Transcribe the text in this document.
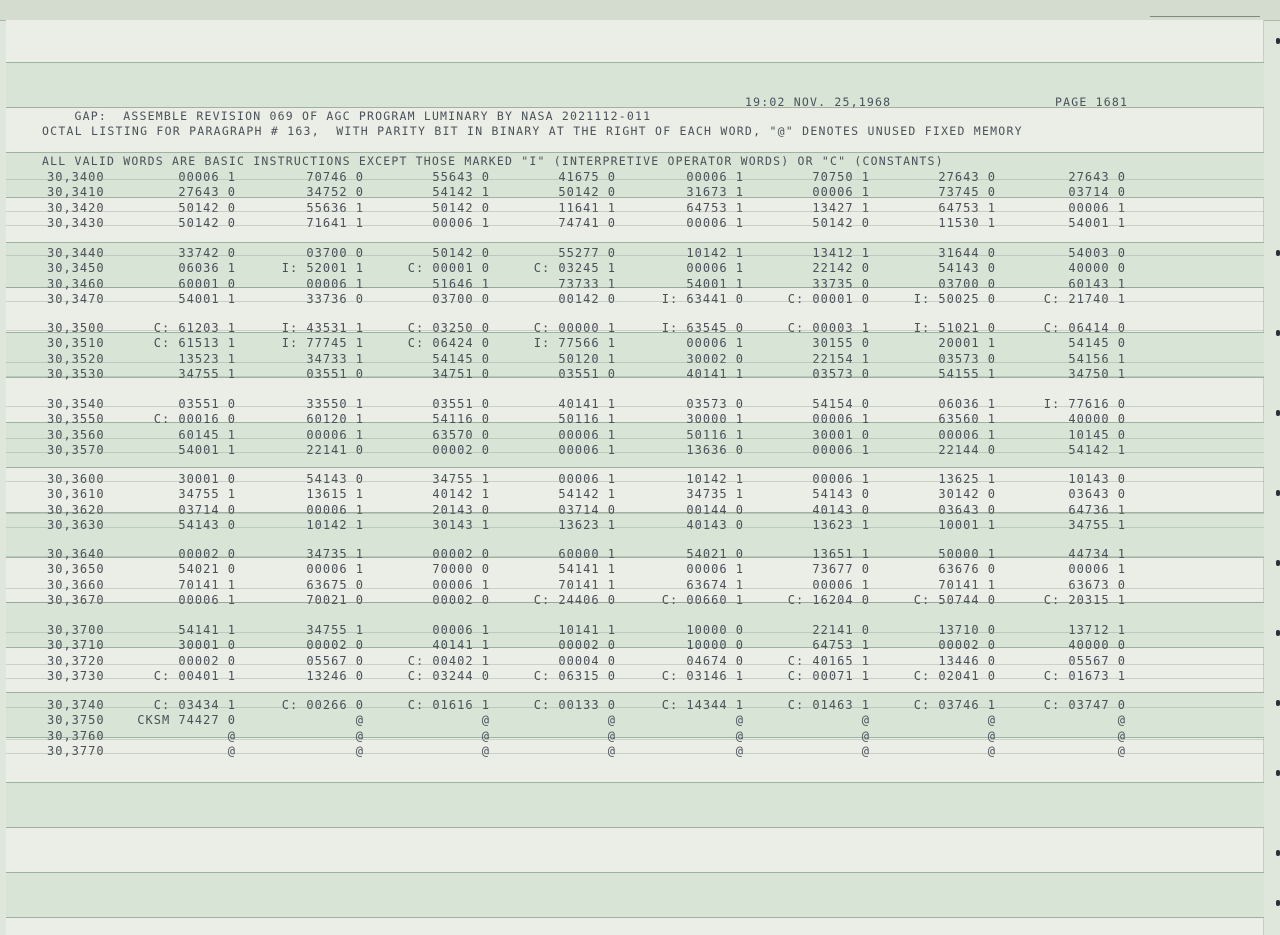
GAP:  ASSEMBLE REVISION 069 OF AGC PROGRAM LUMINARY BY NASA 2021112-011

19:02 NOV. 25,1968

	PAGE 1681

OCTAL LISTING FOR PARAGRAPH # 163,  WITH PARITY BIT IN BINARY AT THE RIGHT OF EACH WORD, "@" DENOTES UNUSED FIXED MEMORY
ALL VALID WORDS ARE BASIC INSTRUCTIONS EXCEPT THOSE MARKED "I" (INTERPRETIVE OPERATOR WORDS) OR "C" (CONSTANTS)
30,3400	00006 1	70746 0	55643 0	41675 0	00006 1	70750 1	27643 0	27643 0
30,3410	27643 0	34752 0	54142 1	50142 0	31673 1	00006 1	73745 0	03714 0
30,3420	50142 0	55636 1	50142 0	11641 1	64753 1	13427 1	64753 1	00006 1
30,3430	50142 0	71641 1	00006 1	74741 0	00006 1	50142 0	11530 1	54001 1
30,3440	33742 0	03700 0	50142 0	55277 0	10142 1	13412 1	31644 0	54003 0
30,3450	06036 1	I: 52001 1	C: 00001 0	C: 03245 1	00006 1	22142 0	54143 0	40000 0
30,3460	60001 0	00006 1	51646 1	73733 1	54001 1	33735 0	03700 0	60143 1
30,3470	54001 1	33736 0	03700 0	00142 0	I: 63441 0	C: 00001 0	I: 50025 0	C: 21740 1
30,3500	C: 61203 1	I: 43531 1	C: 03250 0	C: 00000 1	I: 63545 0	C: 00003 1	I: 51021 0	C: 06414 0
30,3510	C: 61513 1	I: 77745 1	C: 06424 0	I: 77566 1	00006 1	30155 0	20001 1	54145 0
30,3520	13523 1	34733 1	54145 0	50120 1	30002 0	22154 1	03573 0	54156 1
30,3530	34755 1	03551 0	34751 0	03551 0	40141 1	03573 0	54155 1	34750 1
30,3540	03551 0	33550 1	03551 0	40141 1	03573 0	54154 0	06036 1	I: 77616 0
30,3550	C: 00016 0	60120 1	54116 0	50116 1	30000 1	00006 1	63560 1	40000 0
30,3560	60145 1	00006 1	63570 0	00006 1	50116 1	30001 0	00006 1	10145 0
30,3570	54001 1	22141 0	00002 0	00006 1	13636 0	00006 1	22144 0	54142 1
30,3600	30001 0	54143 0	34755 1	00006 1	10142 1	00006 1	13625 1	10143 0
30,3610	34755 1	13615 1	40142 1	54142 1	34735 1	54143 0	30142 0	03643 0
30,3620	03714 0	00006 1	20143 0	03714 0	00144 0	40143 0	03643 0	64736 1
30,3630	54143 0	10142 1	30143 1	13623 1	40143 0	13623 1	10001 1	34755 1
30,3640	00002 0	34735 1	00002 0	60000 1	54021 0	13651 1	50000 1	44734 1
30,3650	54021 0	00006 1	70000 0	54141 1	00006 1	73677 0	63676 0	00006 1
30,3660	70141 1	63675 0	00006 1	70141 1	63674 1	00006 1	70141 1	63673 0
30,3670	00006 1	70021 0	00002 0	C: 24406 0	C: 00660 1	C: 16204 0	C: 50744 0	C: 20315 1
30,3700	54141 1	34755 1	00006 1	10141 1	10000 0	22141 0	13710 0	13712 1
30,3710	30001 0	00002 0	40141 1	00002 0	10000 0	64753 1	00002 0	40000 0
30,3720	00002 0	05567 0	C: 00402 1	00004 0	04674 0	C: 40165 1	13446 0	05567 0
30,3730	C: 00401 1	13246 0	C: 03244 0	C: 06315 0	C: 03146 1	C: 00071 1	C: 02041 0	C: 01673 1
30,3740	C: 03434 1	C: 00266 0	C: 01616 1	C: 00133 0	C: 14344 1	C: 01463 1	C: 03746 1	C: 03747 0
30,3750	CKSM 74427 0	@	@	@	@	@	@	@
30,3760	@	@	@	@	@	@	@	@
30,3770	@	@	@	@	@	@	@	@
